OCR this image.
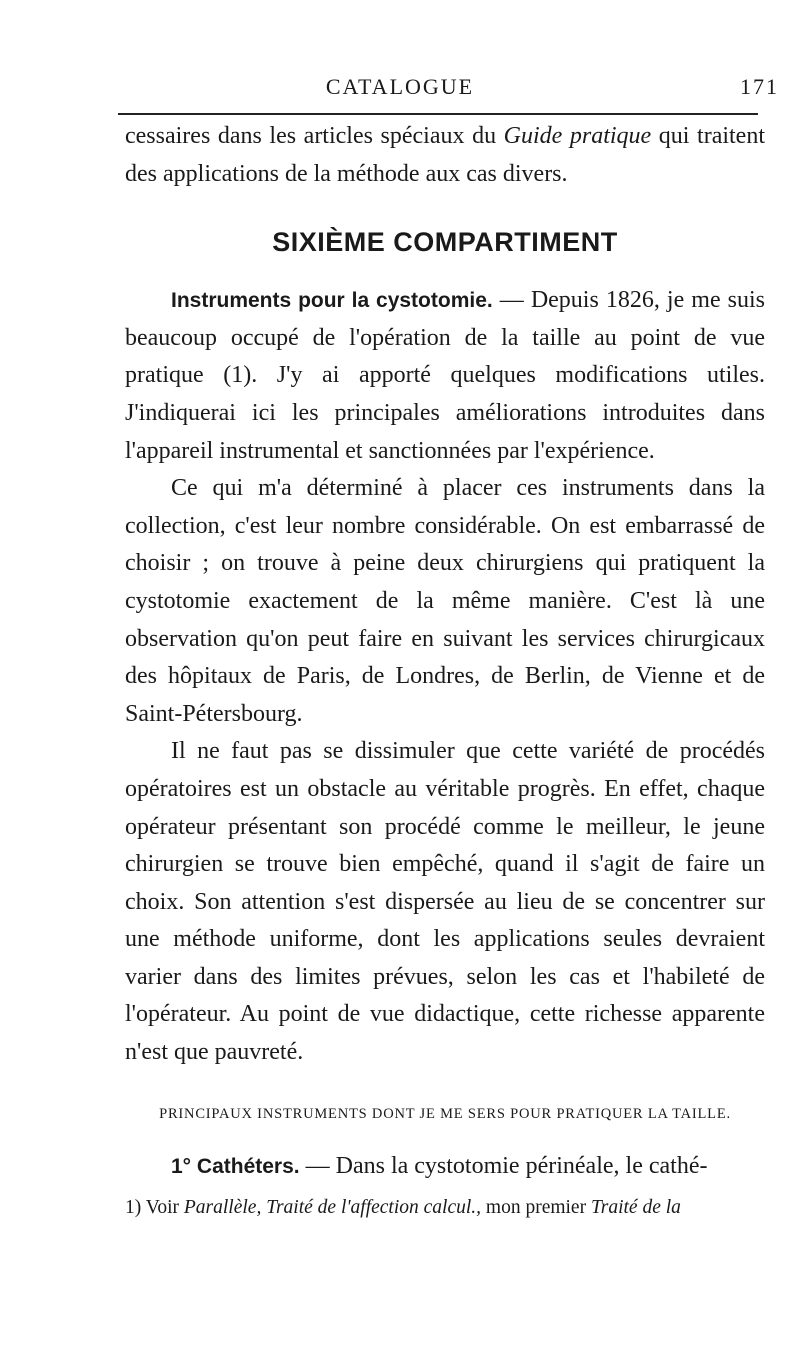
CATALOGUE	171

cessaires dans les articles spéciaux du Guide pratique qui traitent des applications de la méthode aux cas divers.

SIXIÈME COMPARTIMENT

Instruments pour la cystotomie. — Depuis 1826, je me suis beaucoup occupé de l'opération de la taille au point de vue pratique (1). J'y ai apporté quelques modifications utiles. J'indiquerai ici les principales améliorations introduites dans l'appareil instrumental et sanctionnées par l'expérience.

Ce qui m'a déterminé à placer ces instruments dans la collection, c'est leur nombre considérable. On est embarrassé de choisir ; on trouve à peine deux chirurgiens qui pratiquent la cystotomie exactement de la même manière. C'est là une observation qu'on peut faire en suivant les services chirurgicaux des hôpitaux de Paris, de Londres, de Berlin, de Vienne et de Saint-Pétersbourg.

Il ne faut pas se dissimuler que cette variété de procédés opératoires est un obstacle au véritable progrès. En effet, chaque opérateur présentant son procédé comme le meilleur, le jeune chirurgien se trouve bien empêché, quand il s'agit de faire un choix. Son attention s'est dispersée au lieu de se concentrer sur une méthode uniforme, dont les applications seules devraient varier dans des limites prévues, selon les cas et l'habileté de l'opérateur. Au point de vue didactique, cette richesse apparente n'est que pauvreté.

PRINCIPAUX INSTRUMENTS DONT JE ME SERS POUR PRATIQUER LA TAILLE.

1° Cathéters. — Dans la cystotomie périnéale, le cathé-

1) Voir Parallèle, Traité de l'affection calcul., mon premier Traité de la
